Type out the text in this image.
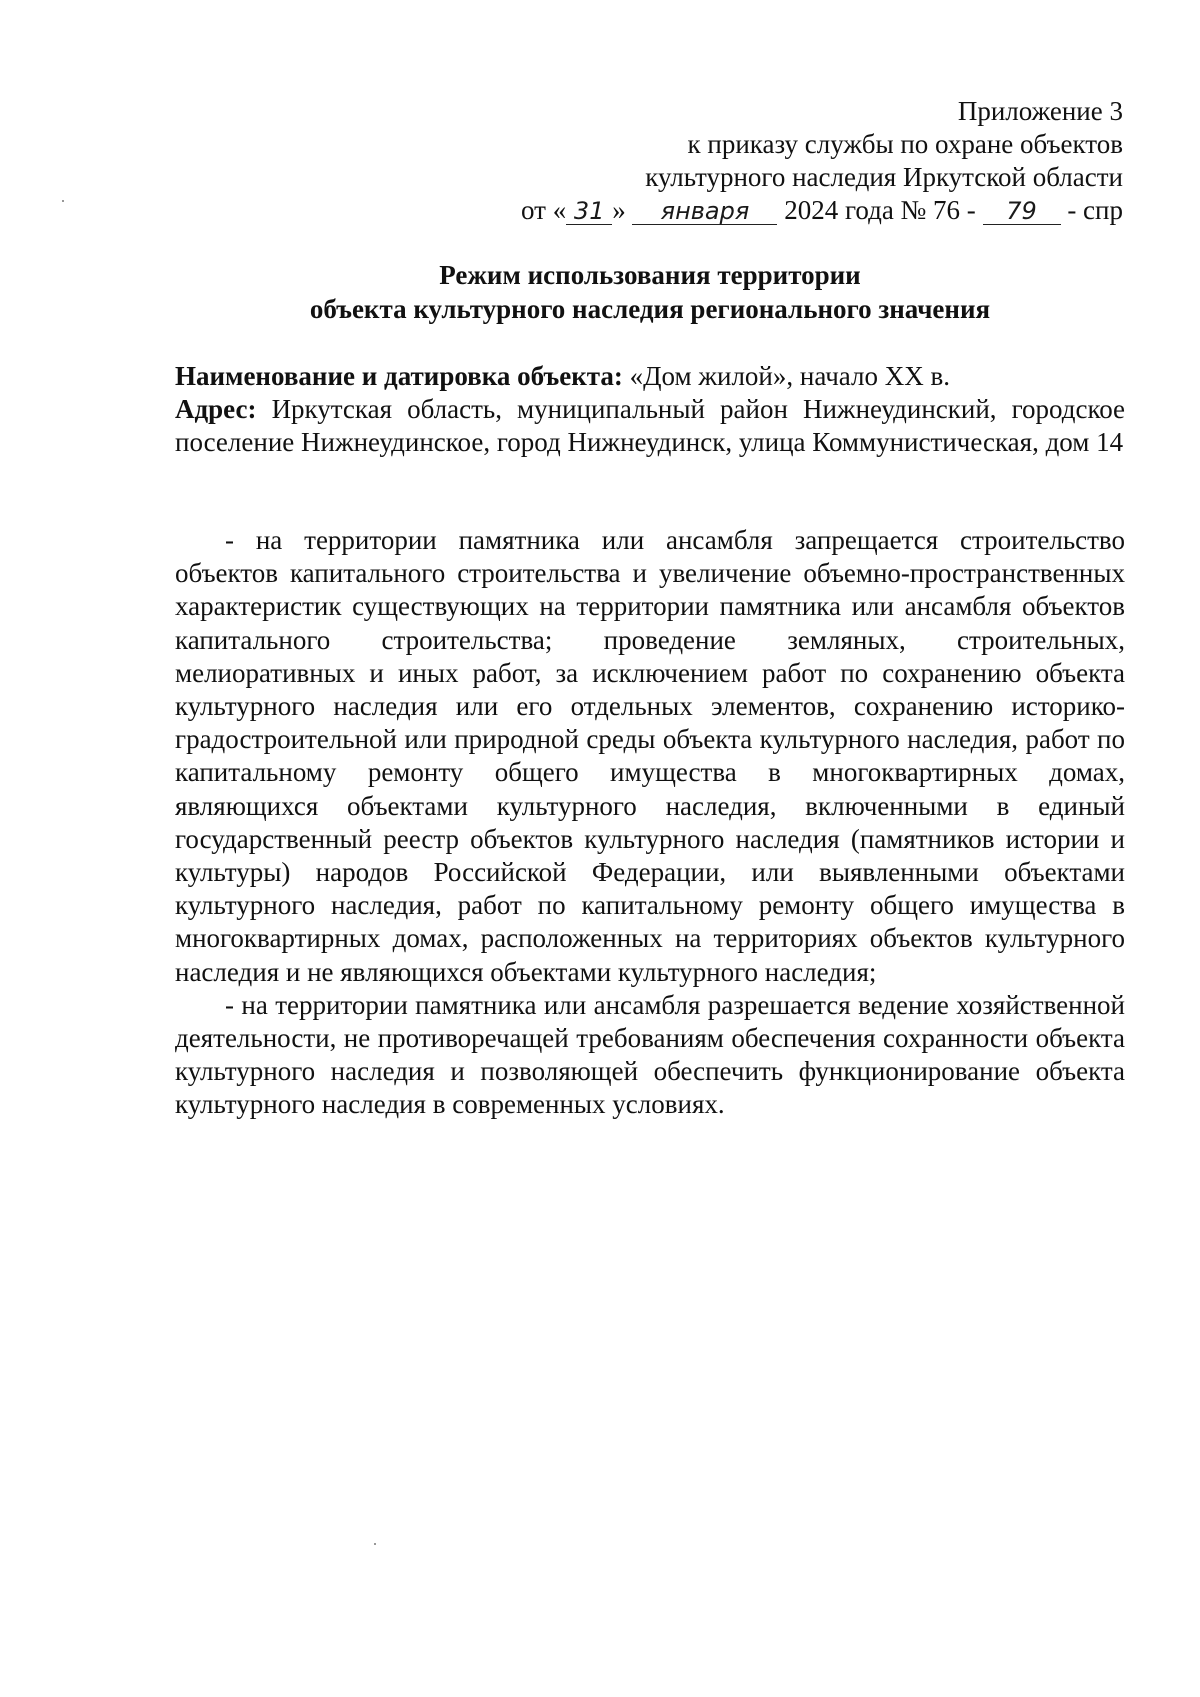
Приложение 3
к приказу службы по охране объектов
культурного наследия Иркутской области
от « 31 » января 2024 года № 76 - 79 - спр
Режим использования территории
объекта культурного наследия регионального значения

Наименование и датировка объекта: «Дом жилой», начало XX в.

Адрес: Иркутская область, муниципальный район Нижнеудинский, городское поселение Нижнеудинское, город Нижнеудинск, улица Коммунистическая, дом 14

- на территории памятника или ансамбля запрещается строительство объектов капитального строительства и увеличение объемно-пространственных характеристик существующих на территории памятника или ансамбля объектов капитального строительства; проведение земляных, строительных, мелиоративных и иных работ, за исключением работ по сохранению объекта культурного наследия или его отдельных элементов, сохранению историко-градостроительной или природной среды объекта культурного наследия, работ по капитальному ремонту общего имущества в многоквартирных домах, являющихся объектами культурного наследия, включенными в единый государственный реестр объектов культурного наследия (памятников истории и культуры) народов Российской Федерации, или выявленными объектами культурного наследия, работ по капитальному ремонту общего имущества в многоквартирных домах, расположенных на территориях объектов культурного наследия и не являющихся объектами культурного наследия;

- на территории памятника или ансамбля разрешается ведение хозяйственной деятельности, не противоречащей требованиям обеспечения сохранности объекта культурного наследия и позволяющей обеспечить функционирование объекта культурного наследия в современных условиях.
